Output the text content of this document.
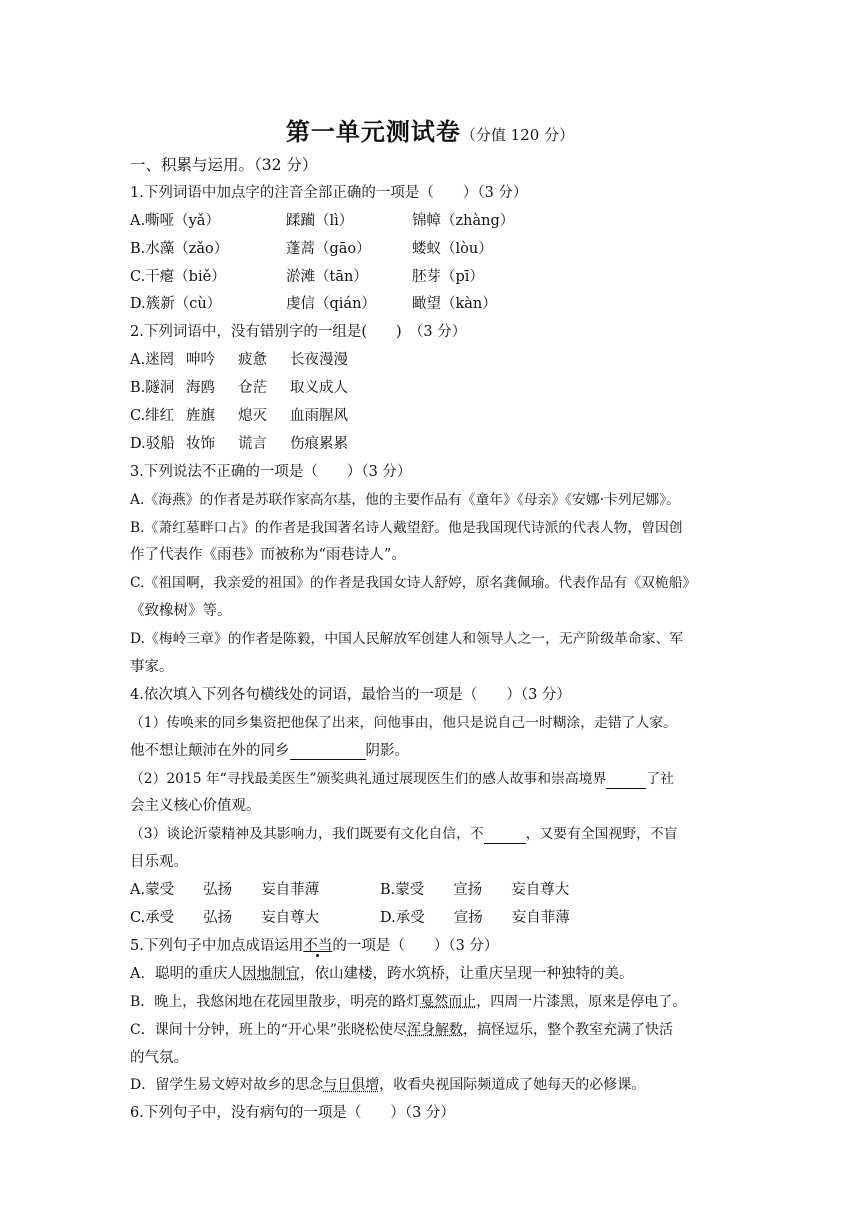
第一单元测试卷（分值 120 分）
一、积累与运用。（32 分）
1.下列词语中加点字的注音全部正确的一项是（　　）（3 分）
A.嘶哑（yǎ）	蹂躏（lì）	锦幛（zhàng）
B.水藻（zǎo）	蓬蒿（gāo）	蝼蚁（lòu）
C.干瘪（biě）	淤滩（tān）	胚芽（pī）
D.簇新（cù）	虔信（qián）	瞰望（kàn）
2.下列词语中，没有错别字的一组是(　　)　（3 分）
A.迷罔 呻吟 疲惫 长夜漫漫
B.隧洞 海鸥 仓茫 取义成人
C.绯红 旌旗 熄灭 血雨腥风
D.驳船 妆饰 谎言 伤痕累累
3.下列说法不正确的一项是（　　）（3 分）
A.《海燕》的作者是苏联作家高尔基，他的主要作品有《童年》《母亲》《安娜·卡列尼娜》。
B.《萧红墓畔口占》的作者是我国著名诗人戴望舒。他是我国现代诗派的代表人物，曾因创
作了代表作《雨巷》而被称为“雨巷诗人”。
C.《祖国啊，我亲爱的祖国》的作者是我国女诗人舒婷，原名龚佩瑜。代表作品有《双桅船》
《致橡树》等。
D.《梅岭三章》的作者是陈毅，中国人民解放军创建人和领导人之一，无产阶级革命家、军
事家。
4.依次填入下列各句横线处的词语，最恰当的一项是（　　）（3 分）
（1）传唤来的同乡集资把他保了出来，问他事由，他只是说自己一时糊涂，走错了人家。
他不想让颠沛在外的同乡	阴影。
（2）2015 年“寻找最美医生”颁奖典礼通过展现医生们的感人故事和崇高境界	了社
会主义核心价值观。
（3）谈论沂蒙精神及其影响力，我们既要有文化自信，不	，又要有全国视野，不盲
目乐观。
A.蒙受　　弘扬　　妄自菲薄	B.蒙受　　宣扬　　妄自尊大
C.承受　　弘扬　　妄自尊大	D.承受　　宣扬　　妄自菲薄
5.下列句子中加点成语运用不当的一项是（　　）（3 分）
A．聪明的重庆人因地制宜，依山建楼，跨水筑桥，让重庆呈现一种独特的美。
B．晚上，我悠闲地在花园里散步，明亮的路灯戛然而止，四周一片漆黑，原来是停电了。
C．课间十分钟，班上的“开心果”张晓松使尽浑身解数，搞怪逗乐，整个教室充满了快活
的气氛。
D．留学生易文婷对故乡的思念与日俱增，收看央视国际频道成了她每天的必修课。
6.下列句子中，没有病句的一项是（　　）（3 分）
